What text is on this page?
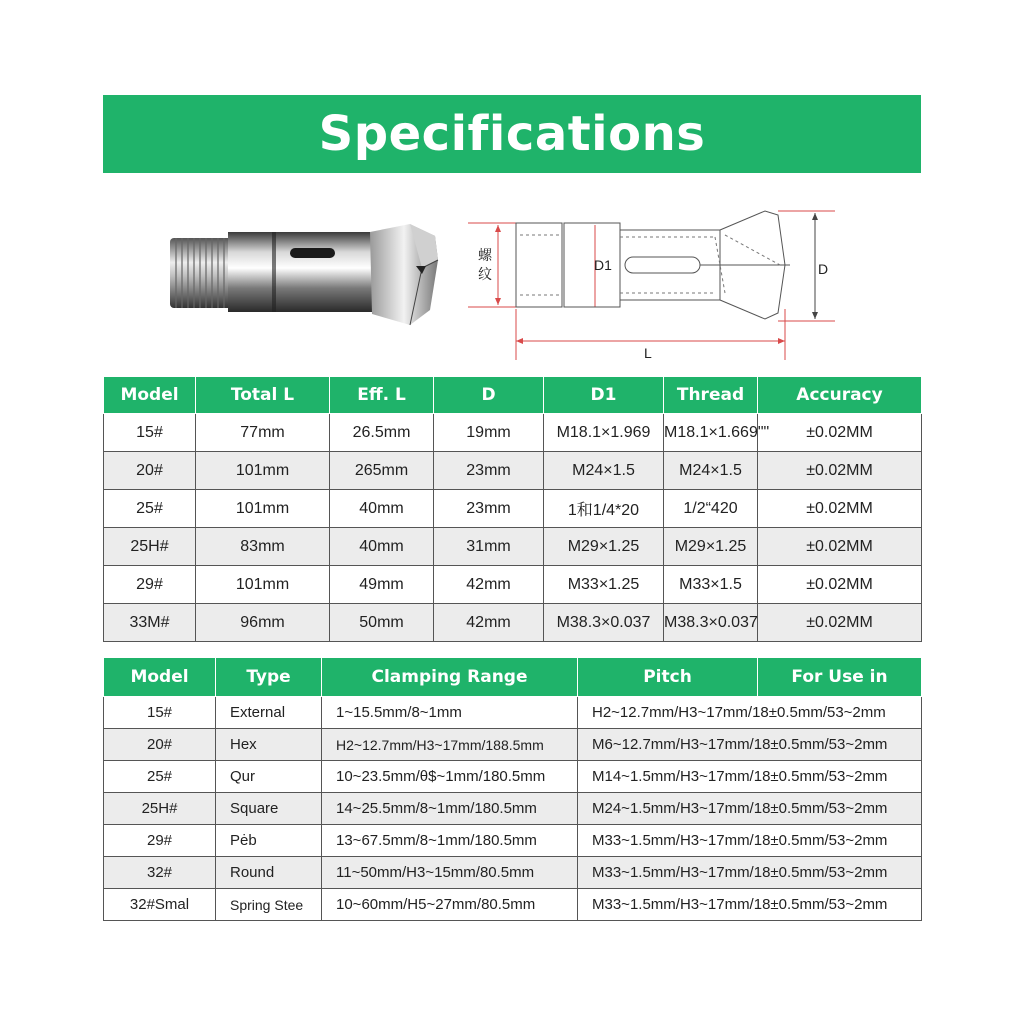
Specifications
螺
纹
D1	D
L
Model	Total L	Eff. L	D	D1	Thread	Accuracy
15#	77mm	26.5mm	19mm	M18.1×1.969	M18.1×1.669""	±0.02MM
20#	101mm	265mm	23mm	M24×1.5	M24×1.5	±0.02MM
25#	101mm	40mm	23mm	1和1/4*20	1/2“420	±0.02MM
25H#	83mm	40mm	31mm	M29×1.25	M29×1.25	±0.02MM
29#	101mm	49mm	42mm	M33×1.25	M33×1.5	±0.02MM
33M#	96mm	50mm	42mm	M38.3×0.037	M38.3×0.037	±0.02MM
Model	Type	Clamping Range	Pitch	For Use in
15#	External	1~15.5mm/8~1mm	H2~12.7mm/H3~17mm/18±0.5mm/53~2mm	
20#	Hex	H2~12.7mm/H3~17mm/188.5mm	M6~12.7mm/H3~17mm/18±0.5mm/53~2mm	
25#	Qur	10~23.5mm/θ$~1mm/180.5mm	M14~1.5mm/H3~17mm/18±0.5mm/53~2mm	
25H#	Square	14~25.5mm/8~1mm/180.5mm	M24~1.5mm/H3~17mm/18±0.5mm/53~2mm	
29#	Pėb	13~67.5mm/8~1mm/180.5mm	M33~1.5mm/H3~17mm/18±0.5mm/53~2mm	
32#	Round	11~50mm/H3~15mm/80.5mm	M33~1.5mm/H3~17mm/18±0.5mm/53~2mm	
32#Smal	Spring Stee	10~60mm/H5~27mm/80.5mm	M33~1.5mm/H3~17mm/18±0.5mm/53~2mm	
